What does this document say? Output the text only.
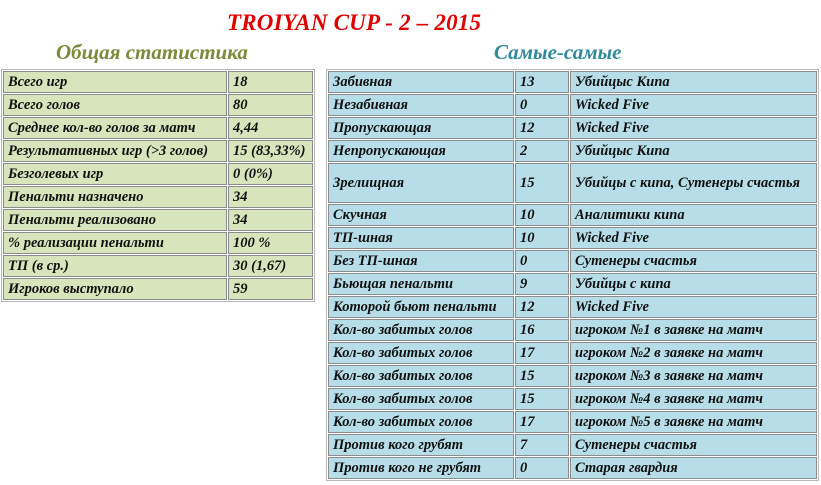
TROIYAN CUP - 2 – 2015
Общая статистика	Самые-самые
Всего игр	18
Всего голов	80
Среднее кол-во голов за матч	4,44
Результативных игр (>3 голов)	15 (83,33%)
Безголевых игр	0 (0%)
Пенальти назначено	34
Пенальти реализовано	34
% реализации пенальти	100 %
ТП (в ср.)	30 (1,67)
Игроков выступало	59
Забивная	13	Убийцыс Кипа
Незабивная	0	Wicked Five
Пропускающая	12	Wicked Five
Непропускающая	2	Убийцыс Кипа
Зрелищная	15	Убийцы с кипа, Сутенеры счастья
Скучная	10	Аналитики кипа
ТП-шная	10	Wicked Five
Без ТП-шная	0	Сутенеры счастья
Бьющая пенальти	9	Убийцы с кипа
Которой бьют пенальти	12	Wicked Five
Кол-во забитых голов	16	игроком №1 в заявке на матч
Кол-во забитых голов	17	игроком №2 в заявке на матч
Кол-во забитых голов	15	игроком №3 в заявке на матч
Кол-во забитых голов	15	игроком №4 в заявке на матч
Кол-во забитых голов	17	игроком №5 в заявке на матч
Против кого грубят	7	Сутенеры счастья
Против кого не грубят	0	Старая гвардия
